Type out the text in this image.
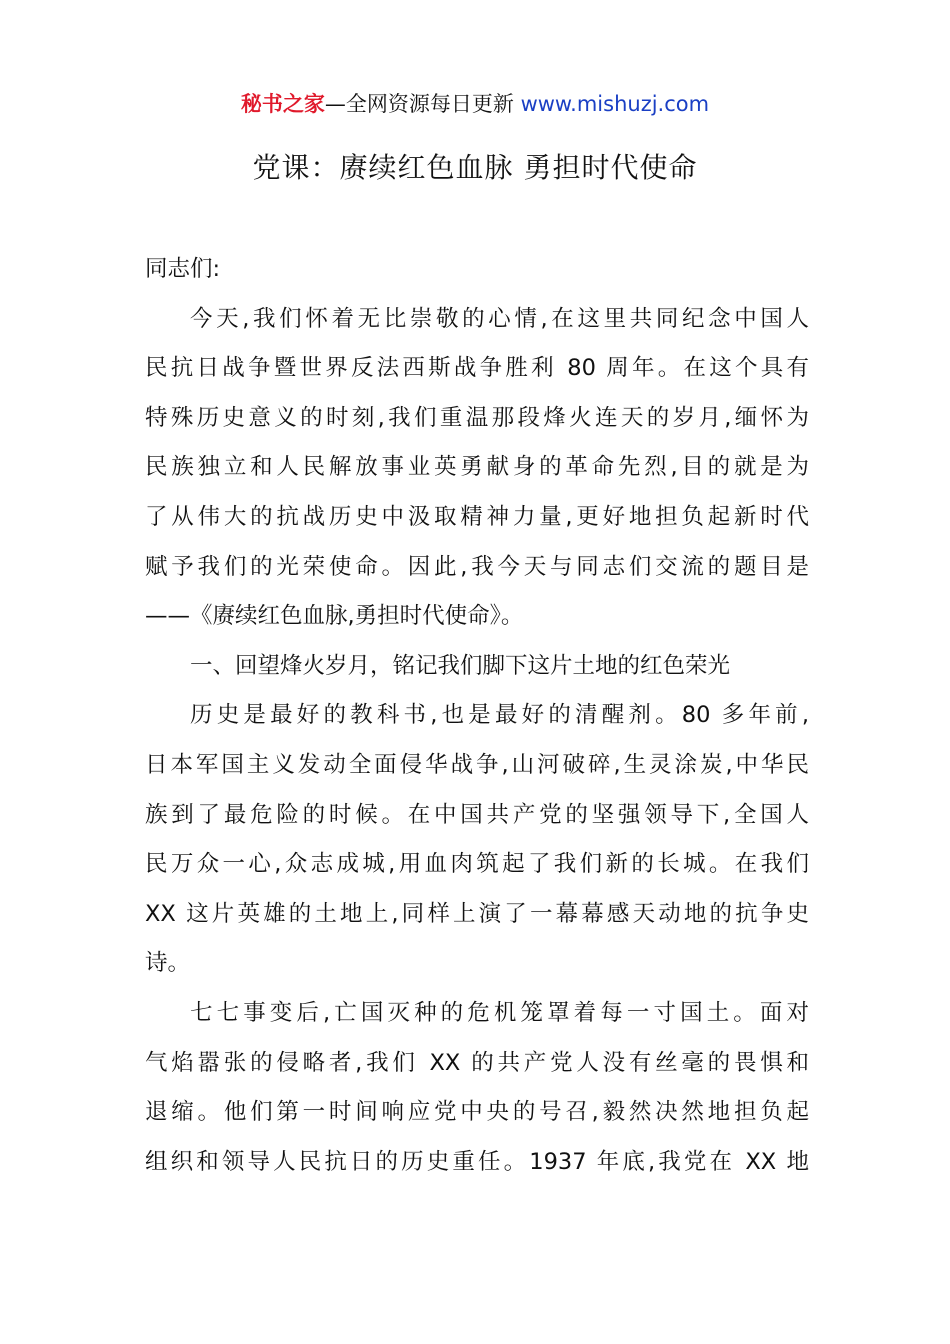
秘书之家—全网资源每日更新 www.mishuzj.com
党课：赓续红色血脉 勇担时代使命

同志们:

今天,我们怀着无比崇敬的心情,在这里共同纪念中国人
民抗日战争暨世界反法西斯战争胜利 80 周年。在这个具有
特殊历史意义的时刻,我们重温那段烽火连天的岁月,缅怀为
民族独立和人民解放事业英勇献身的革命先烈,目的就是为
了从伟大的抗战历史中汲取精神力量,更好地担负起新时代
赋予我们的光荣使命。因此,我今天与同志们交流的题目是
——《赓续红色血脉,勇担时代使命》。

一、回望烽火岁月，铭记我们脚下这片土地的红色荣光

历史是最好的教科书,也是最好的清醒剂。80 多年前,
日本军国主义发动全面侵华战争,山河破碎,生灵涂炭,中华民
族到了最危险的时候。在中国共产党的坚强领导下,全国人
民万众一心,众志成城,用血肉筑起了我们新的长城。在我们
XX 这片英雄的土地上,同样上演了一幕幕感天动地的抗争史
诗。

七七事变后,亡国灭种的危机笼罩着每一寸国土。面对
气焰嚣张的侵略者,我们 XX 的共产党人没有丝毫的畏惧和
退缩。他们第一时间响应党中央的号召,毅然决然地担负起
组织和领导人民抗日的历史重任。1937 年底,我党在 XX 地
